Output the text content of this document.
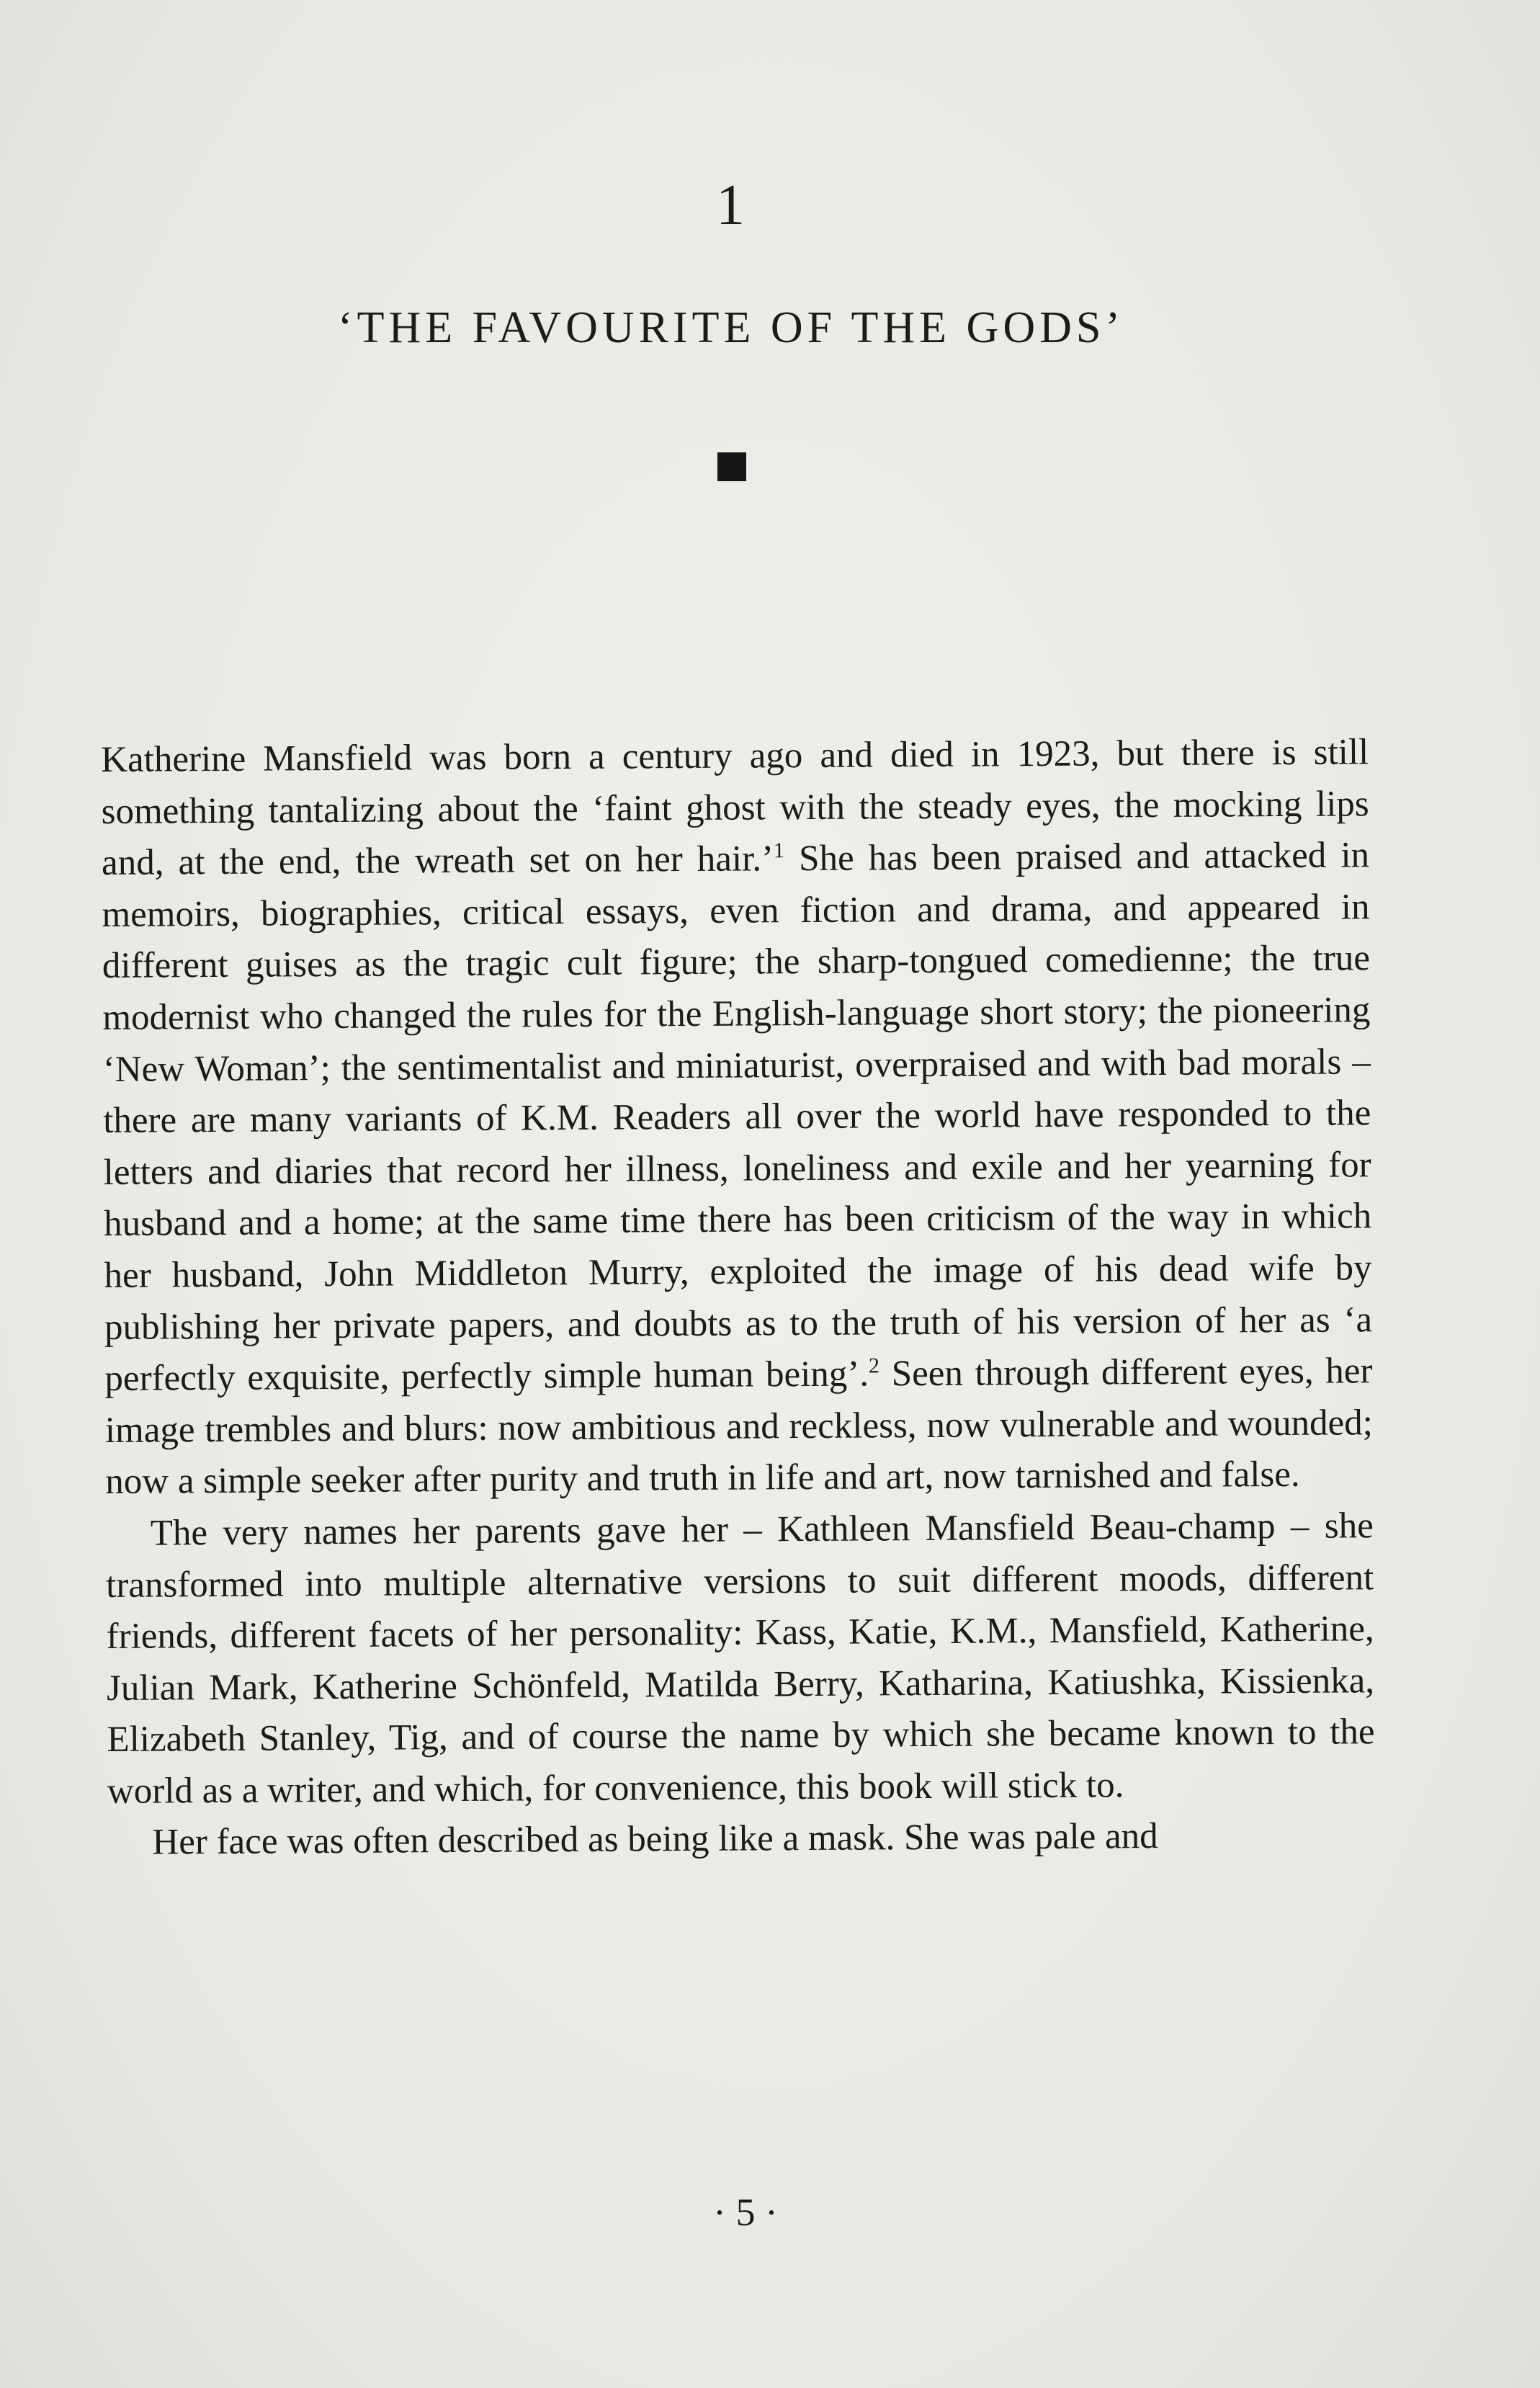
1
‘THE FAVOURITE OF THE GODS’

Katherine Mansfield was born a century ago and died in 1923, but there is still something tantalizing about the ‘faint ghost with the steady eyes, the mocking lips and, at the end, the wreath set on her hair.’$^1$ She has been praised and attacked in memoirs, biographies, critical essays, even fiction and drama, and appeared in different guises as the tragic cult figure; the sharp-tongued comedienne; the true modernist who changed the rules for the English-language short story; the pioneering ‘New Woman’; the sentimentalist and miniaturist, overpraised and with bad morals – there are many variants of K.M. Readers all over the world have responded to the letters and diaries that record her illness, loneliness and exile and her yearning for husband and a home; at the same time there has been criticism of the way in which her husband, John Middleton Murry, exploited the image of his dead wife by publishing her private papers, and doubts as to the truth of his version of her as ‘a perfectly exquisite, perfectly simple human being’.$^2$ Seen through different eyes, her image trembles and blurs: now ambitious and reckless, now vulnerable and wounded; now a simple seeker after purity and truth in life and art, now tarnished and false.

The very names her parents gave her – Kathleen Mansfield Beau-champ – she transformed into multiple alternative versions to suit different moods, different friends, different facets of her personality: Kass, Katie, K.M., Mansfield, Katherine, Julian Mark, Katherine Schönfeld, Matilda Berry, Katharina, Katiushka, Kissienka, Elizabeth Stanley, Tig, and of course the name by which she became known to the world as a writer, and which, for convenience, this book will stick to.

Her face was often described as being like a mask. She was pale and

· 5 ·
